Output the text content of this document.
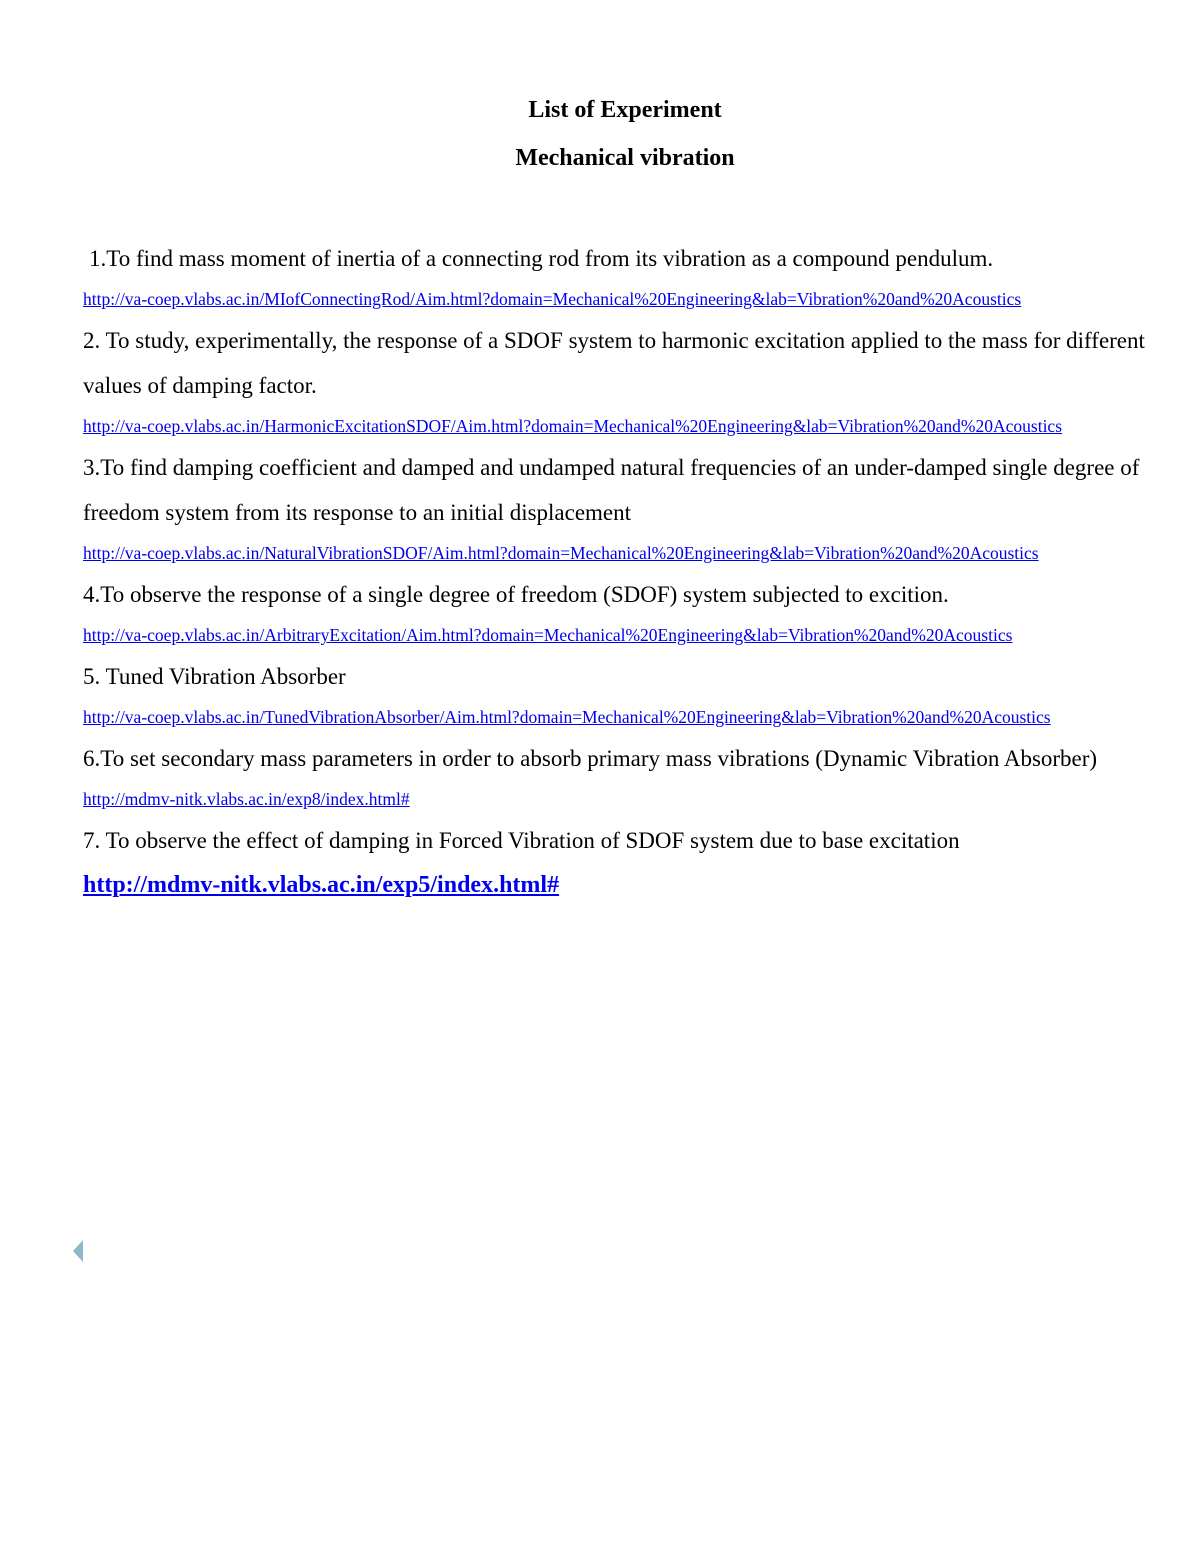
List of Experiment
Mechanical vibration

1.To find mass moment of inertia of a connecting rod from its vibration as a compound pendulum.

http://va-coep.vlabs.ac.in/MIofConnectingRod/Aim.html?domain=Mechanical%20Engineering&lab=Vibration%20and%20Acoustics

2. To study, experimentally, the response of a SDOF system to harmonic excitation applied to the mass for different values of damping factor.

http://va-coep.vlabs.ac.in/HarmonicExcitationSDOF/Aim.html?domain=Mechanical%20Engineering&lab=Vibration%20and%20Acoustics

3.To find damping coefficient and damped and undamped natural frequencies of an under-damped single degree of freedom system from its response to an initial displacement

http://va-coep.vlabs.ac.in/NaturalVibrationSDOF/Aim.html?domain=Mechanical%20Engineering&lab=Vibration%20and%20Acoustics

4.To observe the response of a single degree of freedom (SDOF) system subjected to excition.

http://va-coep.vlabs.ac.in/ArbitraryExcitation/Aim.html?domain=Mechanical%20Engineering&lab=Vibration%20and%20Acoustics

5. Tuned Vibration Absorber

http://va-coep.vlabs.ac.in/TunedVibrationAbsorber/Aim.html?domain=Mechanical%20Engineering&lab=Vibration%20and%20Acoustics

6.To set secondary mass parameters in order to absorb primary mass vibrations (Dynamic Vibration Absorber)

http://mdmv-nitk.vlabs.ac.in/exp8/index.html#

7. To observe the effect of damping in Forced Vibration of SDOF system due to base excitation

http://mdmv-nitk.vlabs.ac.in/exp5/index.html#
